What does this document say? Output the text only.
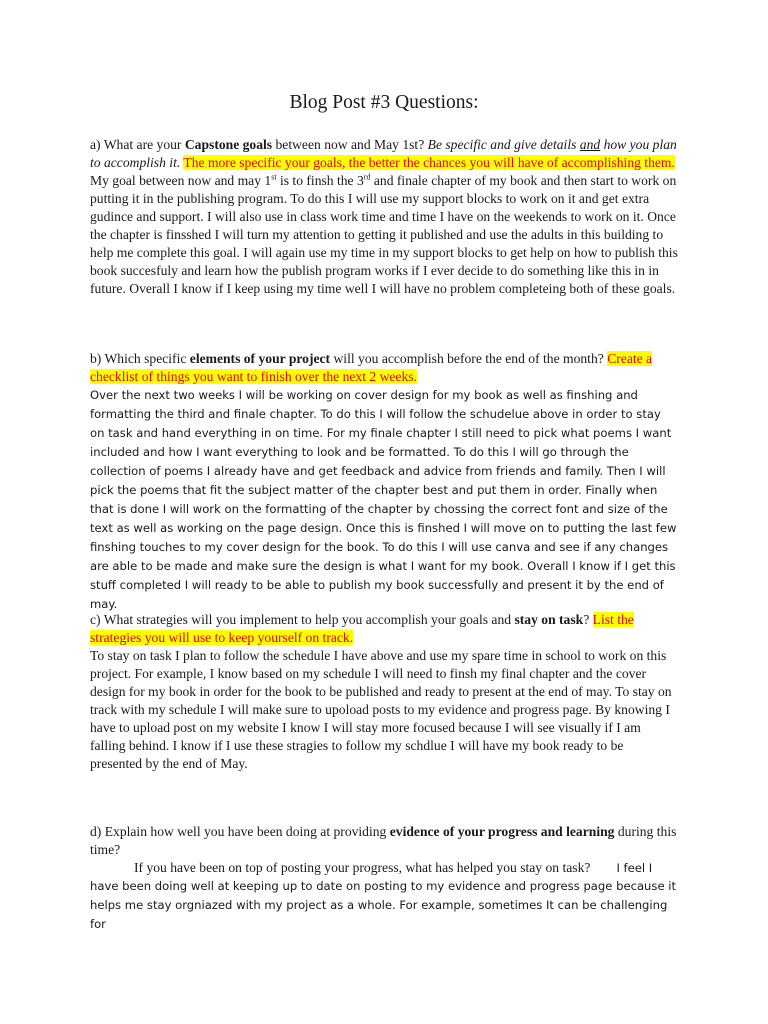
Blog Post #3 Questions:
a) What are your Capstone goals between now and May 1st? Be specific and give details and how you plan to accomplish it. The more specific your goals, the better the chances you will have of accomplishing them. My goal between now and may 1st is to finsh the 3rd and finale chapter of my book and then start to work on putting it in the publishing program. To do this I will use my support blocks to work on it and get extra gudince and support. I will also use in class work time and time I have on the weekends to work on it. Once the chapter is finsshed I will turn my attention to getting it published and use the adults in this building to help me complete this goal. I will again use my time in my support blocks to get help on how to publish this book succesfuly and learn how the publish program works if I ever decide to do something like this in in future. Overall I know if I keep using my time well I will have no problem completeing both of these goals.
b) Which specific elements of your project will you accomplish before the end of the month? Create a checklist of things you want to finish over the next 2 weeks.
Over the next two weeks I will be working on cover design for my book as well as finshing and formatting the third and finale chapter. To do this I will follow the schudelue above in order to stay on task and hand everything in on time. For my finale chapter I still need to pick what poems I want included and how I want everything to look and be formatted. To do this I will go through the collection of poems I already have and get feedback and advice from friends and family. Then I will pick the poems that fit the subject matter of the chapter best and put them in order. Finally when that is done I will work on the formatting of the chapter by chossing the correct font and size of the text as well as working on the page design. Once this is finshed I will move on to putting the last few finshing touches to my cover design for the book. To do this I will use canva and see if any changes are able to be made and make sure the design is what I want for my book. Overall I know if I get this stuff completed I will ready to be able to publish my book successfully and present it by the end of may.
c) What strategies will you implement to help you accomplish your goals and stay on task? List the strategies you will use to keep yourself on track.
To stay on task I plan to follow the schedule I have above and use my spare time in school to work on this project. For example, I know based on my schedule I will need to finsh my final chapter and the cover design for my book in order for the book to be published and ready to present at the end of may. To stay on track with my schedule I will make sure to upoload posts to my evidence and progress page. By knowing I have to upload post on my website I know I will stay more focused because I will see visually if I am falling behind. I know if I use these stragies to follow my schdlue I will have my book ready to be presented by the end of May.
d) Explain how well you have been doing at providing evidence of your progress and learning during this time?
If you have been on top of posting your progress, what has helped you stay on task? I feel I
have been doing well at keeping up to date on posting to my evidence and progress page because it helps me stay orgniazed with my project as a whole. For example, sometimes It can be challenging for
